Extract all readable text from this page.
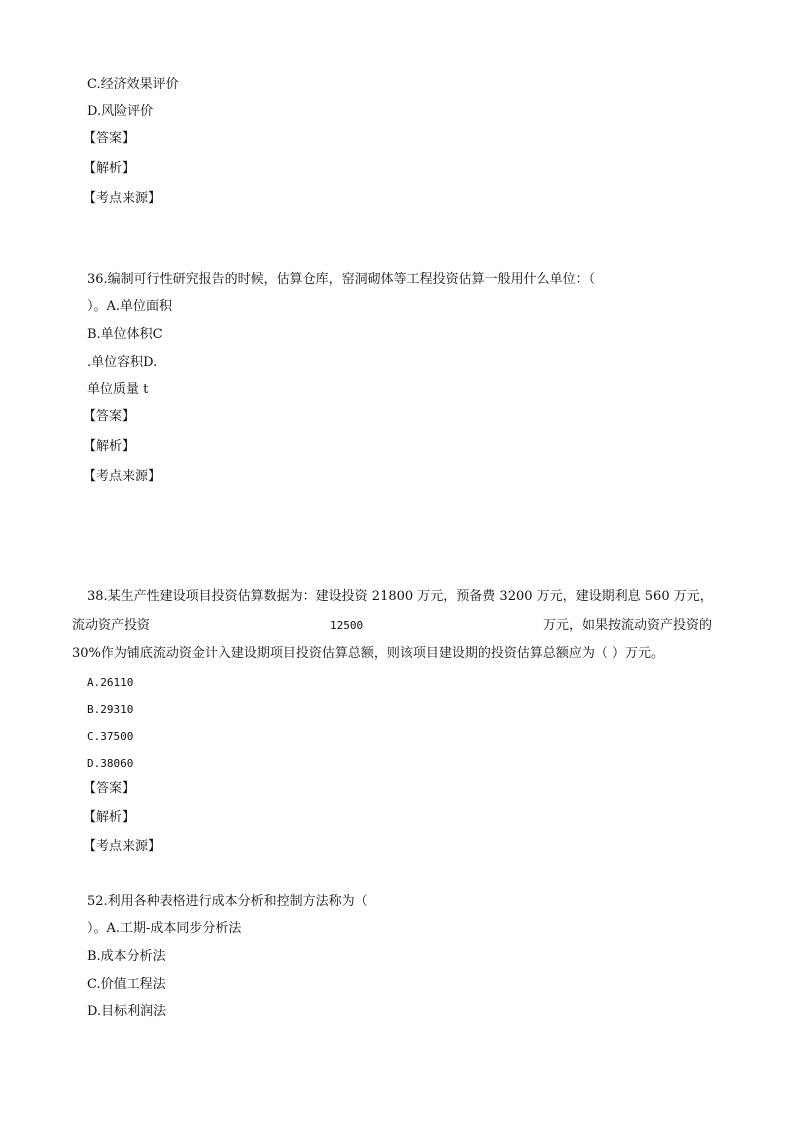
C.经济效果评价
D.风险评价
【答案】
【解析】
【考点来源】
36.编制可行性研究报告的时候，估算仓库，窑洞砌体等工程投资估算一般用什么单位：（
）。A.单位面积
B.单位体积C
.单位容积D.
单位质量 t
【答案】
【解析】
【考点来源】
38.某生产性建设项目投资估算数据为：建设投资 21800 万元，预备费 3200 万元，建设期利息 560 万元，
流动资产投资	12500	万元，如果按流动资产投资的
30%作为铺底流动资金计入建设期项目投资估算总额，则该项目建设期的投资估算总额应为（ ）万元。
A.26110
B.29310
C.37500
D.38060
【答案】
【解析】
【考点来源】
52.利用各种表格进行成本分析和控制方法称为（
）。A.工期-成本同步分析法
B.成本分析法
C.价值工程法
D.目标利润法
